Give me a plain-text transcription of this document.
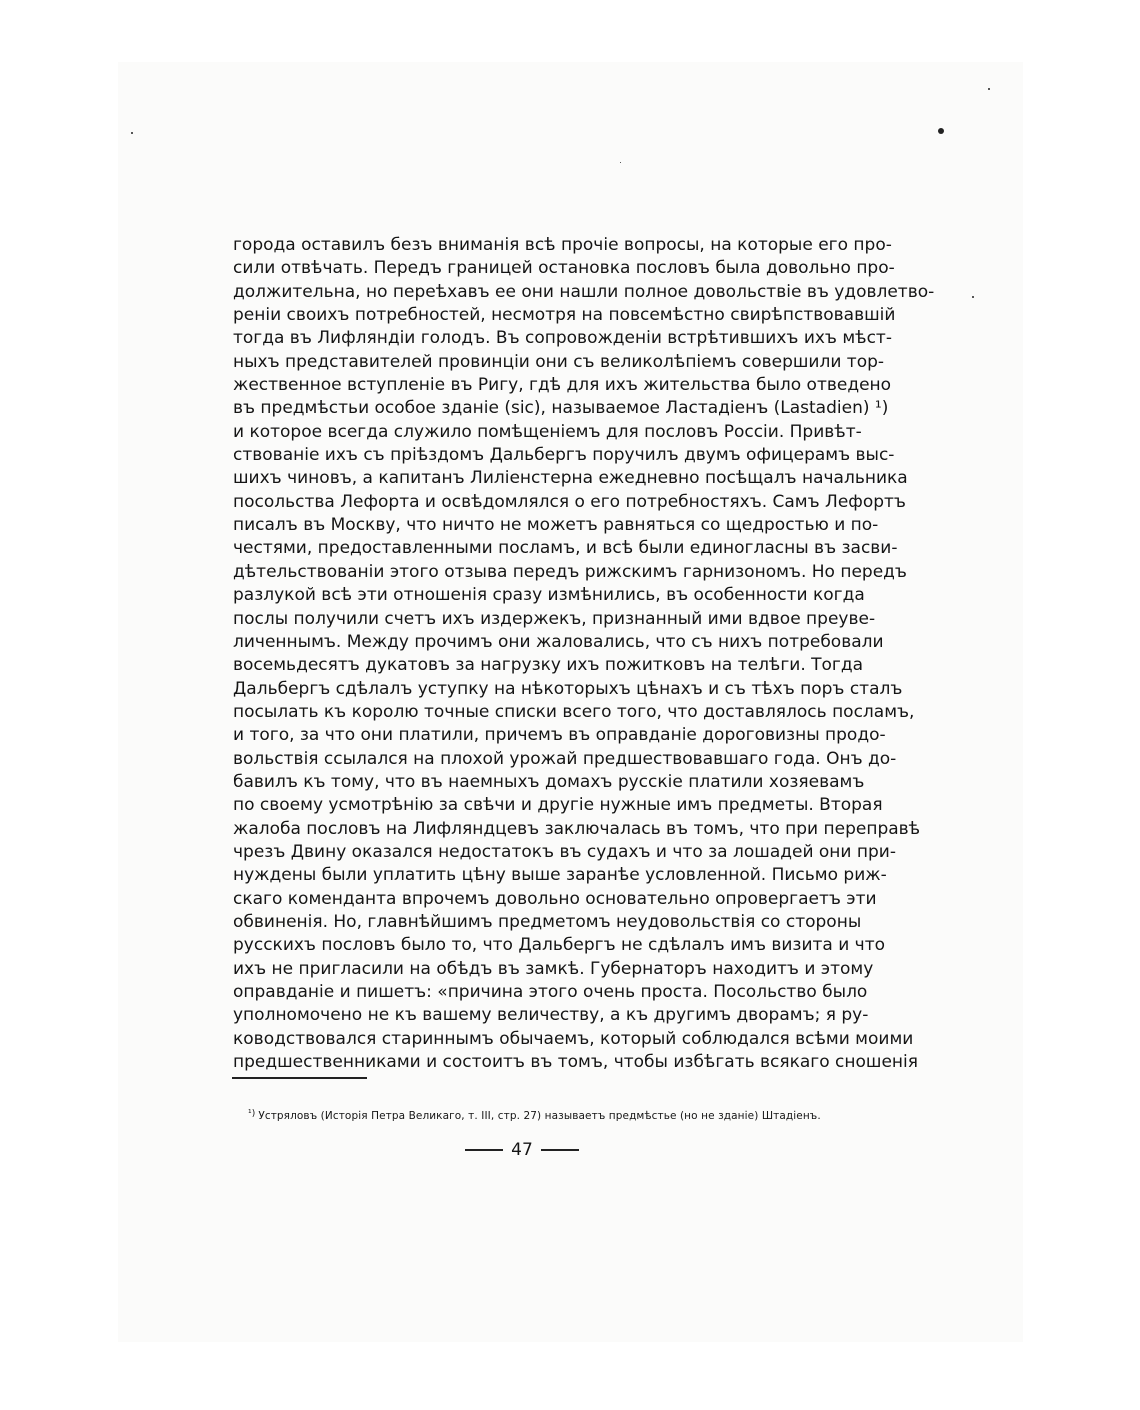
города оставилъ безъ вниманія всѣ прочіе вопросы, на которые его про-
сили отвѣчать. Передъ границей остановка пословъ была довольно про-
должительна, но переѣхавъ ее они нашли полное довольствіе въ удовлетво-
реніи своихъ потребностей, несмотря на повсемѣстно свирѣпствовавшій
тогда въ Лифляндіи голодъ. Въ сопровожденіи встрѣтившихъ ихъ мѣст-
ныхъ представителей провинціи они съ великолѣпіемъ совершили тор-
жественное вступленіе въ Ригу, гдѣ для ихъ жительства было отведено
въ предмѣстьи особое зданіе (sic), называемое Ластадіенъ (Lastadien) ¹)
и которое всегда служило помѣщеніемъ для пословъ Россіи. Привѣт-
ствованіе ихъ съ пріѣздомъ Дальбергъ поручилъ двумъ офицерамъ выс-
шихъ чиновъ, а капитанъ Лиліенстерна ежедневно посѣщалъ начальника
посольства Лефорта и освѣдомлялся о его потребностяхъ. Самъ Лефортъ
писалъ въ Москву, что ничто не можетъ равняться со щедростью и по-
честями, предоставленными посламъ, и всѣ были единогласны въ засви-
дѣтельствованіи этого отзыва передъ рижскимъ гарнизономъ. Но передъ
разлукой всѣ эти отношенія сразу измѣнились, въ особенности когда
послы получили счетъ ихъ издержекъ, признанный ими вдвое преуве-
личеннымъ. Между прочимъ они жаловались, что съ нихъ потребовали
восемьдесятъ дукатовъ за нагрузку ихъ пожитковъ на телѣги. Тогда
Дальбергъ сдѣлалъ уступку на нѣкоторыхъ цѣнахъ и съ тѣхъ поръ сталъ
посылать къ королю точные списки всего того, что доставлялось посламъ,
и того, за что они платили, причемъ въ оправданіе дороговизны продо-
вольствія ссылался на плохой урожай предшествовавшаго года. Онъ до-
бавилъ къ тому, что въ наемныхъ домахъ русскіе платили хозяевамъ
по своему усмотрѣнію за свѣчи и другіе нужные имъ предметы. Вторая
жалоба пословъ на Лифляндцевъ заключалась въ томъ, что при переправѣ
чрезъ Двину оказался недостатокъ въ судахъ и что за лошадей они при-
нуждены были уплатить цѣну выше заранѣе условленной. Письмо риж-
скаго коменданта впрочемъ довольно основательно опровергаетъ эти
обвиненія. Но, главнѣйшимъ предметомъ неудовольствія со стороны
русскихъ пословъ было то, что Дальбергъ не сдѣлалъ имъ визита и что
ихъ не пригласили на обѣдъ въ замкѣ. Губернаторъ находитъ и этому
оправданіе и пишетъ: «причина этого очень проста. Посольство было
уполномочено не къ вашему величеству, а къ другимъ дворамъ; я ру-
ководствовался стариннымъ обычаемъ, который соблюдался всѣми моими
предшественниками и состоитъ въ томъ, чтобы избѣгать всякаго сношенія

$^{^1)}$ Устряловъ (Исторія Петра Великаго, т. III, стр. 27) называетъ предмѣстье (но не зданіе) Штадіенъ.

47
